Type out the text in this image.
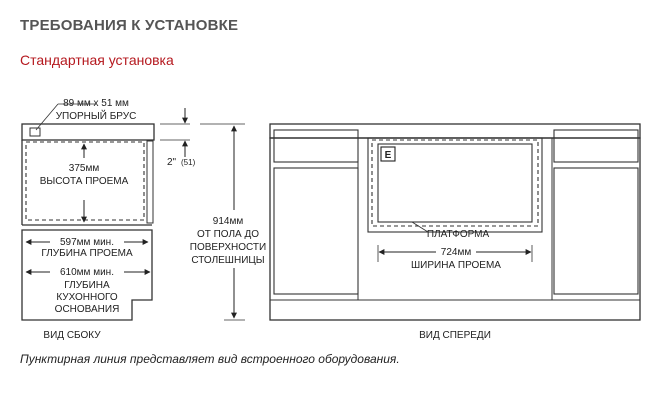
ТРЕБОВАНИЯ К УСТАНОВКЕ
Стандартная установка
89 мм x 51 мм
УПОРНЫЙ БРУС
375мм
ВЫСОТА ПРОЕМА
597мм мин.
ГЛУБИНА ПРОЕМА
610мм мин.
ГЛУБИНА
КУХОННОГО
ОСНОВАНИЯ
2" (51)
914мм
ОТ ПОЛА ДО
ПОВЕРХНОСТИ
СТОЛЕШНИЦЫ
ВИД СБОКУ
E
ПЛАТФОРМА
724мм
ШИРИНА ПРОЕМА
ВИД СПЕРЕДИ
Пунктирная линия представляет вид встроенного оборудования.
